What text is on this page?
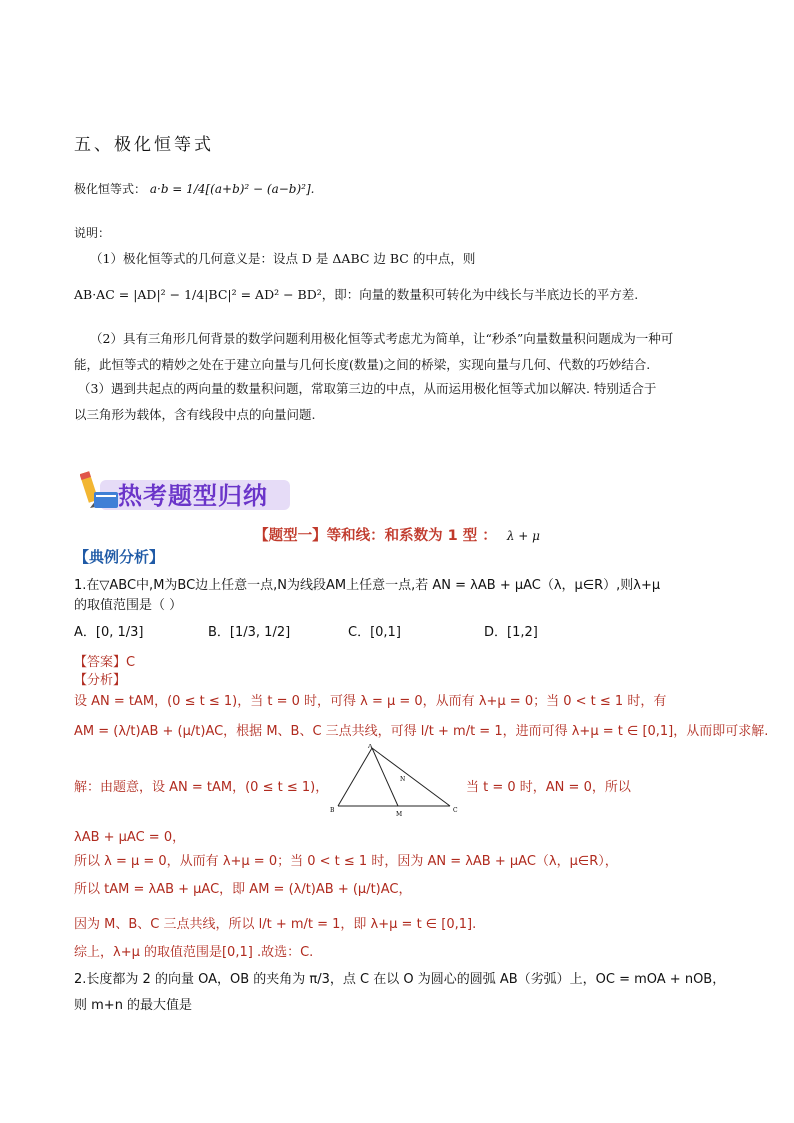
五、极化恒等式
极化恒等式： a·b = 1/4[(a+b)² − (a−b)²].
说明：
（1）极化恒等式的几何意义是：设点 D 是 ΔABC 边 BC 的中点，则
AB·AC = |AD|² − 1/4|BC|² = AD² − BD²，即：向量的数量积可转化为中线长与半底边长的平方差.
（2）具有三角形几何背景的数学问题利用极化恒等式考虑尤为简单，让“秒杀”向量数量积问题成为一种可
能，此恒等式的精妙之处在于建立向量与几何长度(数量)之间的桥梁，实现向量与几何、代数的巧妙结合.
（3）遇到共起点的两向量的数量积问题，常取第三边的中点，从而运用极化恒等式加以解决. 特别适合于
以三角形为载体，含有线段中点的向量问题.
热考题型归纳
【题型一】等和线：和系数为 1 型 ： λ + μ
【典例分析】
1.在▽ABC中,M为BC边上任意一点,N为线段AM上任意一点,若 AN = λAB + μAC（λ，μ∈R）,则λ+μ
的取值范围是（ ）
A．[0, 1/3]	B．[1/3, 1/2]	C．[0,1]	D．[1,2]
【答案】C
【分析】
设 AN = tAM，(0 ≤ t ≤ 1)，当 t = 0 时，可得 λ = μ = 0，从而有 λ+μ = 0；当 0 < t ≤ 1 时，有
AM = (λ/t)AB + (μ/t)AC，根据 M、B、C 三点共线，可得 l/t + m/t = 1，进而可得 λ+μ = t ∈ [0,1]，从而即可求解.
解：由题意，设 AN = tAM，(0 ≤ t ≤ 1)，	当 t = 0 时，AN = 0，所以
A
B	C
M
N
λAB + μAC = 0，
所以 λ = μ = 0，从而有 λ+μ = 0；当 0 < t ≤ 1 时，因为 AN = λAB + μAC（λ，μ∈R），
所以 tAM = λAB + μAC，即 AM = (λ/t)AB + (μ/t)AC，
因为 M、B、C 三点共线，所以 l/t + m/t = 1，即 λ+μ = t ∈ [0,1].
综上，λ+μ 的取值范围是[0,1] .故选：C.
2.长度都为 2 的向量 OA，OB 的夹角为 π/3，点 C 在以 O 为圆心的圆弧 AB（劣弧）上，OC = mOA + nOB，
则 m+n 的最大值是
